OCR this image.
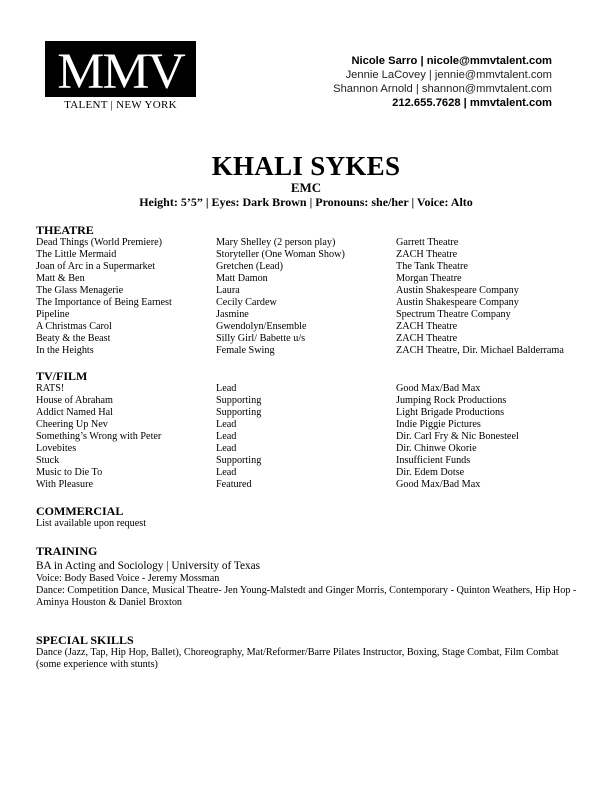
MMV
TALENT | NEW YORK
Nicole Sarro | nicole@mmvtalent.com
Jennie LaCovey | jennie@mmvtalent.com
Shannon Arnold | shannon@mmvtalent.com
212.655.7628 | mmvtalent.com
KHALI SYKES
EMC
Height: 5’5” | Eyes: Dark Brown | Pronouns: she/her | Voice: Alto
THEATRE
Dead Things (World Premiere)	Mary Shelley (2 person play)	Garrett Theatre
The Little Mermaid	Storyteller (One Woman Show)	ZACH Theatre
Joan of Arc in a Supermarket	Gretchen (Lead)	The Tank Theatre
Matt & Ben	Matt Damon	Morgan Theatre
The Glass Menagerie	Laura	Austin Shakespeare Company
The Importance of Being Earnest	Cecily Cardew	Austin Shakespeare Company
Pipeline	Jasmine	Spectrum Theatre Company
A Christmas Carol	Gwendolyn/Ensemble	ZACH Theatre
Beaty & the Beast	Silly Girl/ Babette u/s	ZACH Theatre
In the Heights	Female Swing	ZACH Theatre, Dir. Michael Balderrama
TV/FILM
RATS!	Lead	Good Max/Bad Max
House of Abraham	Supporting	Jumping Rock Productions
Addict Named Hal	Supporting	Light Brigade Productions
Cheering Up Nev	Lead	Indie Piggie Pictures
Something’s Wrong with Peter	Lead	Dir. Carl Fry & Nic Bonesteel
Lovebites	Lead	Dir. Chinwe Okorie
Stuck	Supporting	Insufficient Funds
Music to Die To	Lead	Dir. Edem Dotse
With Pleasure	Featured	Good Max/Bad Max
COMMERCIAL
List available upon request
TRAINING
BA in Acting and Sociology | University of Texas
Voice: Body Based Voice - Jeremy Mossman
Dance: Competition Dance, Musical Theatre- Jen Young-Malstedt and Ginger Morris, Contemporary - Quinton Weathers, Hip Hop - Aminya Houston & Daniel Broxton
SPECIAL SKILLS
Dance (Jazz, Tap, Hip Hop, Ballet), Choreography, Mat/Reformer/Barre Pilates Instructor, Boxing, Stage Combat, Film Combat (some experience with stunts)
